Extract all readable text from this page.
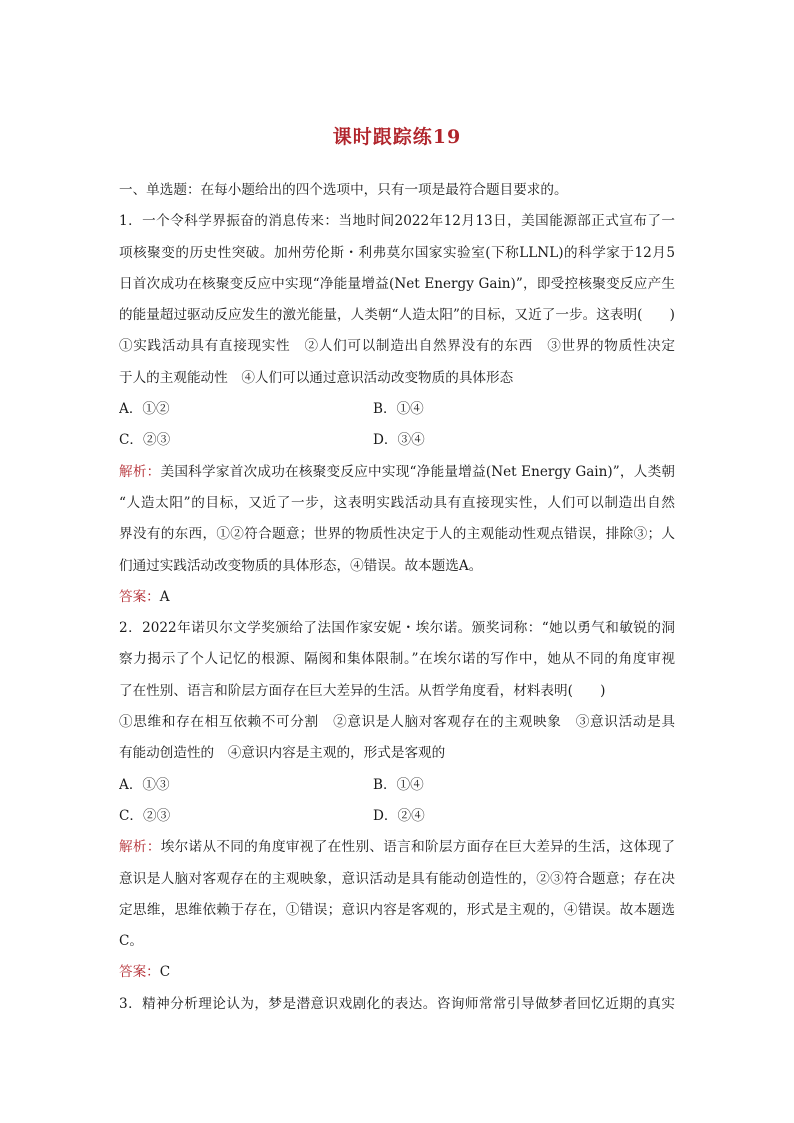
课时跟踪练19
一、单选题：在每小题给出的四个选项中，只有一项是最符合题目要求的。
1．一个令科学界振奋的消息传来：当地时间2022年12月13日，美国能源部正式宣布了一
项核聚变的历史性突破。加州劳伦斯・利弗莫尔国家实验室(下称LLNL)的科学家于12月5
日首次成功在核聚变反应中实现“净能量增益(Net Energy Gain)”，即受控核聚变反应产生
的能量超过驱动反应发生的激光能量，人类朝“人造太阳”的目标，又近了一步。这表明(　　)
①实践活动具有直接现实性　②人们可以制造出自然界没有的东西　③世界的物质性决定
于人的主观能动性　④人们可以通过意识活动改变物质的具体形态
A．①②	B．①④
C．②③	D．③④
解析：美国科学家首次成功在核聚变反应中实现“净能量增益(Net Energy Gain)”，人类朝
“人造太阳”的目标，又近了一步，这表明实践活动具有直接现实性，人们可以制造出自然
界没有的东西，①②符合题意；世界的物质性决定于人的主观能动性观点错误，排除③；人
们通过实践活动改变物质的具体形态，④错误。故本题选A。
答案：A
2．2022年诺贝尔文学奖颁给了法国作家安妮・埃尔诺。颁奖词称：“她以勇气和敏锐的洞
察力揭示了个人记忆的根源、隔阂和集体限制。”在埃尔诺的写作中，她从不同的角度审视
了在性别、语言和阶层方面存在巨大差异的生活。从哲学角度看，材料表明(　　)
①思维和存在相互依赖不可分割　②意识是人脑对客观存在的主观映象　③意识活动是具
有能动创造性的　④意识内容是主观的，形式是客观的
A．①③	B．①④
C．②③	D．②④
解析：埃尔诺从不同的角度审视了在性别、语言和阶层方面存在巨大差异的生活，这体现了
意识是人脑对客观存在的主观映象，意识活动是具有能动创造性的，②③符合题意；存在决
定思维，思维依赖于存在，①错误；意识内容是客观的，形式是主观的，④错误。故本题选
C。
答案：C
3．精神分析理论认为，梦是潜意识戏剧化的表达。咨询师常常引导做梦者回忆近期的真实
